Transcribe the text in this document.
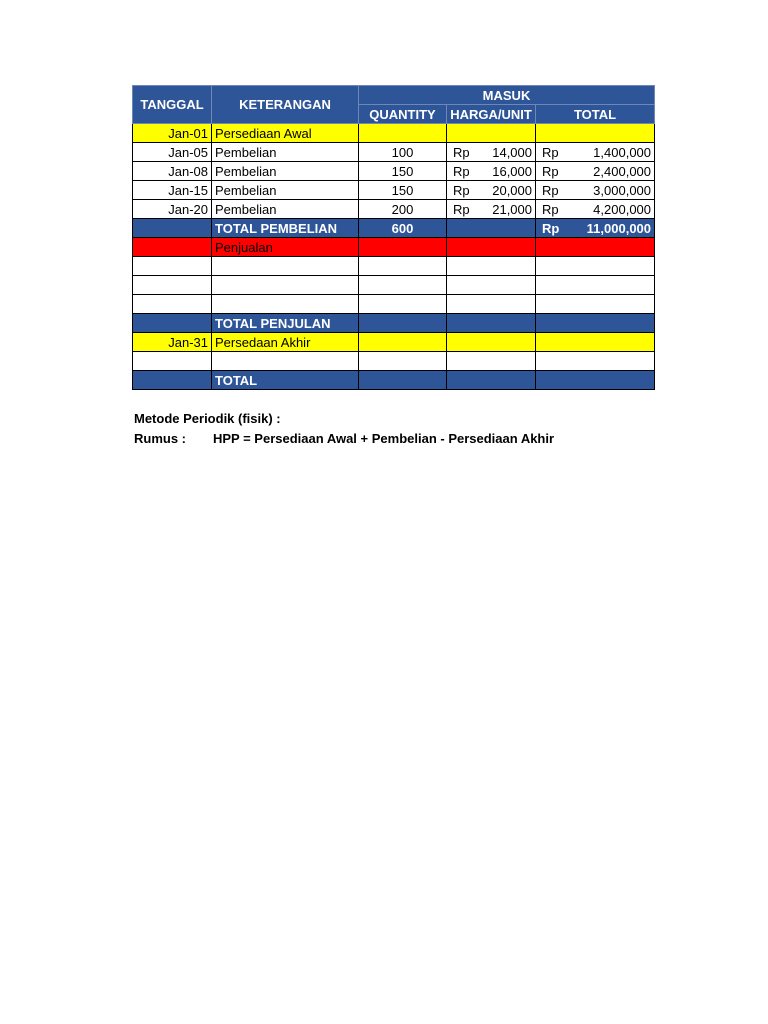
TANGGAL	KETERANGAN	MASUK		
		QUANTITY	HARGA/UNIT	TOTAL
Jan-01	Persediaan Awal			
Jan-05	Pembelian	100	Rp 14,000	Rp 1,400,000

Jan-08	Pembelian	150	Rp 16,000	Rp 2,400,000

Jan-15	Pembelian	150	Rp 20,000	Rp 3,000,000

Jan-20	Pembelian	200	Rp 21,000	Rp 4,200,000

	TOTAL PEMBELIAN	600		Rp 11,000,000

	Penjualan			

	TOTAL PENJULAN			
Jan-31	Persedaan Akhir			

	TOTAL			
Metode Periodik (fisik) :
Rumus :	HPP = Persediaan Awal + Pembelian - Persediaan Akhir
